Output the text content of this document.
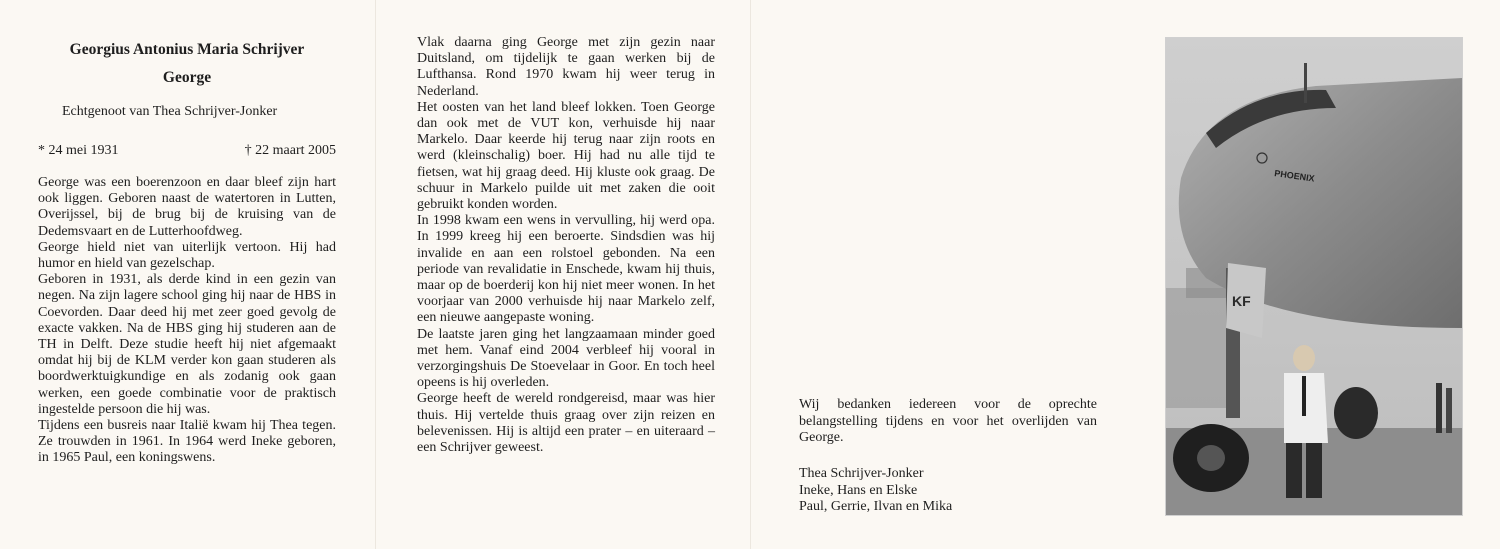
Georgius Antonius Maria Schrijver
George
Echtgenoot van Thea Schrijver-Jonker
* 24 mei 1931	† 22 maart 2005
George was een boerenzoon en daar bleef zijn hart ook liggen. Geboren naast de watertoren in Lutten, Overijssel, bij de brug bij de kruising van de Dedemsvaart en de Lutterhoofdweg.
George hield niet van uiterlijk vertoon. Hij had humor en hield van gezelschap.
Geboren in 1931, als derde kind in een gezin van negen. Na zijn lagere school ging hij naar de HBS in Coevorden. Daar deed hij met zeer goed gevolg de exacte vakken. Na de HBS ging hij studeren aan de TH in Delft. Deze studie heeft hij niet afgemaakt omdat hij bij de KLM verder kon gaan studeren als boordwerktuigkundige en als zodanig ook gaan werken, een goede combinatie voor de praktisch ingestelde persoon die hij was.
Tijdens een busreis naar Italië kwam hij Thea tegen. Ze trouwden in 1961. In 1964 werd Ineke geboren, in 1965 Paul, een koningswens.
Vlak daarna ging George met zijn gezin naar Duitsland, om tijdelijk te gaan werken bij de Lufthansa. Rond 1970 kwam hij weer terug in Nederland.
Het oosten van het land bleef lokken. Toen George dan ook met de VUT kon, verhuisde hij naar Markelo. Daar keerde hij terug naar zijn roots en werd (kleinschalig) boer. Hij had nu alle tijd te fietsen, wat hij graag deed. Hij kluste ook graag. De schuur in Markelo puilde uit met zaken die ooit gebruikt konden worden.
In 1998 kwam een wens in vervulling, hij werd opa. In 1999 kreeg hij een beroerte. Sindsdien was hij invalide en aan een rolstoel gebonden. Na een periode van revalidatie in Enschede, kwam hij thuis, maar op de boerderij kon hij niet meer wonen. In het voorjaar van 2000 verhuisde hij naar Markelo zelf, een nieuwe aangepaste woning.
De laatste jaren ging het langzaamaan minder goed met hem. Vanaf eind 2004 verbleef hij vooral in verzorgingshuis De Stoevelaar in Goor. En toch heel opeens is hij overleden.
George heeft de wereld rondgereisd, maar was hier thuis. Hij vertelde thuis graag over zijn reizen en belevenissen. Hij is altijd een prater – en uiteraard – een Schrijver geweest.
Wij bedanken iedereen voor de oprechte belangstelling tijdens en voor het overlijden van George.
Thea Schrijver-Jonker
Ineke, Hans en Elske
Paul, Gerrie, Ilvan en Mika
PHOENIX
KF
